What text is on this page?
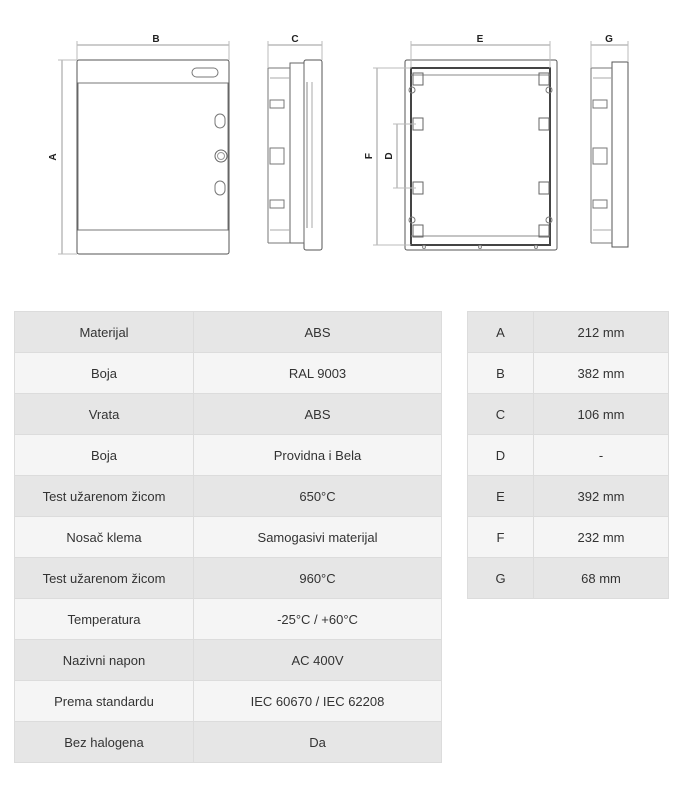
B
A
C	E	G
F D
Materijal	ABS
Boja	RAL 9003
Vrata	ABS
Boja	Providna i Bela
Test užarenom žicom	650°C
Nosač klema	Samogasivi materijal
Test užarenom žicom	960°C
Temperatura	-25°C / +60°C
Nazivni napon	AC 400V
Prema standardu	IEC 60670 / IEC 62208
Bez halogena	Da
A	212 mm
B	382 mm
C	106 mm
D	-
E	392 mm
F	232 mm
G	68 mm
